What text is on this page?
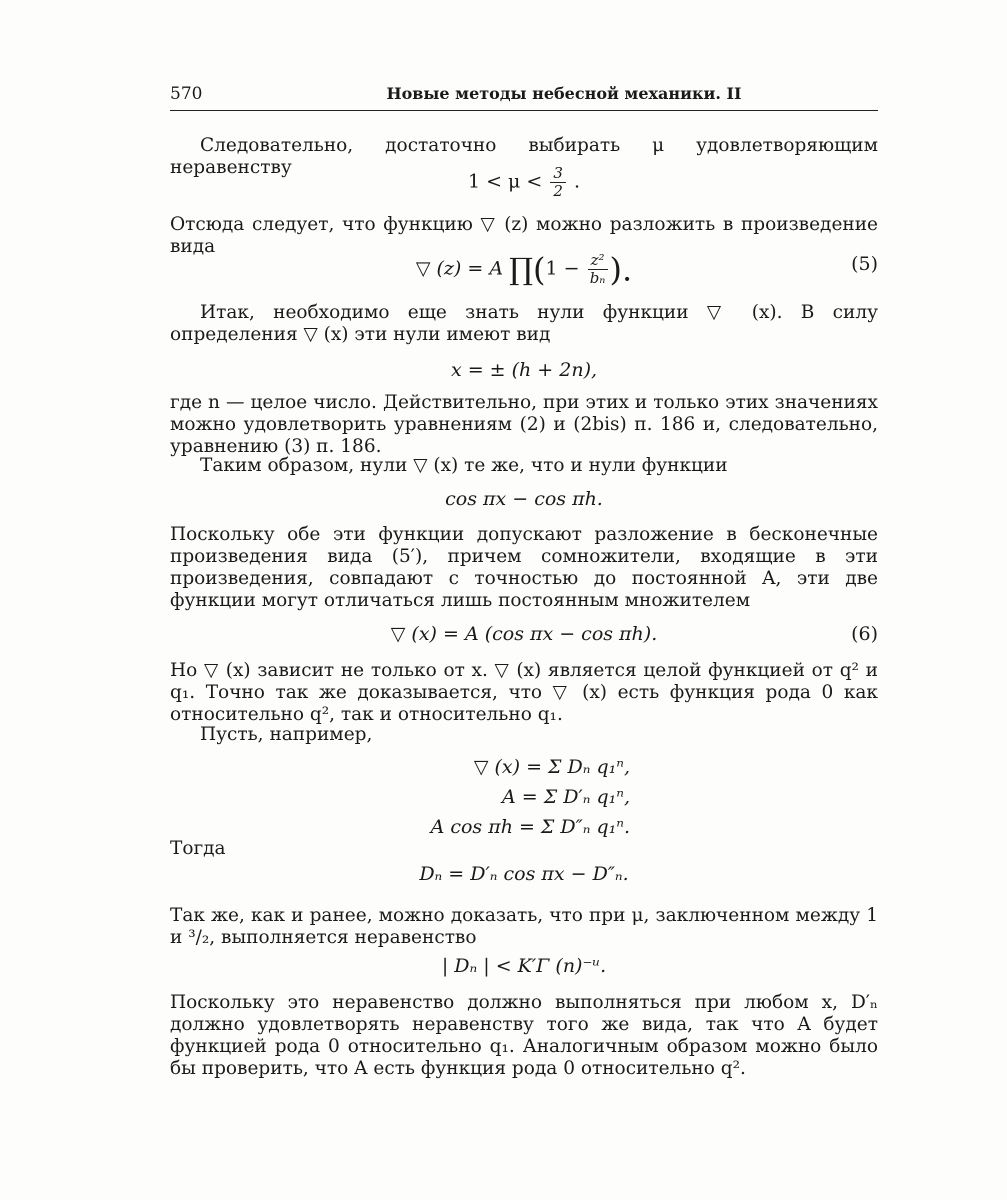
570	Новые методы небесной механики. II

Следовательно, достаточно выбирать μ удовлетворяющим неравенству

$1 < \mu < \frac{3}{2}$ .

Отсюда следует, что функцию ▽ (z) можно разложить в произведение вида

▽ (z) = A ∏(1 − $\frac{\text{z²}}{\text{bₙ}}$ ).	(5)

Итак, необходимо еще знать нули функции ▽ (x). В силу определения ▽ (x) эти нули имеют вид

x = ± (h + 2n),

где n — целое число. Действительно, при этих и только этих значениях можно удовлетворить уравнениям (2) и (2bis) п. 186 и, следовательно, уравнению (3) п. 186.

Таким образом, нули ▽ (x) те же, что и нули функции

cos πx − cos πh.

Поскольку обе эти функции допускают разложение в бесконечные произведения вида (5′), причем сомножители, входящие в эти произведения, совпадают с точностью до постоянной A, эти две функции могут отличаться лишь постоянным множителем

▽ (x) = A (cos πx − cos πh).	(6)

Но ▽ (x) зависит не только от x. ▽ (x) является целой функцией от q² и q₁. Точно так же доказывается, что ▽ (x) есть функция рода 0 как относительно q², так и относительно q₁.

Пусть, например,

▽ (x) = Σ Dₙ q₁ⁿ,
A = Σ D′ₙ q₁ⁿ,
A cos πh = Σ D″ₙ q₁ⁿ.

Тогда

Dₙ = D′ₙ cos πx − D″ₙ.

Так же, как и ранее, можно доказать, что при μ, заключенном между 1 и ³/₂, выполняется неравенство

| Dₙ | < K′Γ (n)⁻ᵘ.

Поскольку это неравенство должно выполняться при любом x, D′ₙ должно удовлетворять неравенству того же вида, так что A будет функцией рода 0 относительно q₁. Аналогичным образом можно было бы проверить, что A есть функция рода 0 относительно q².
